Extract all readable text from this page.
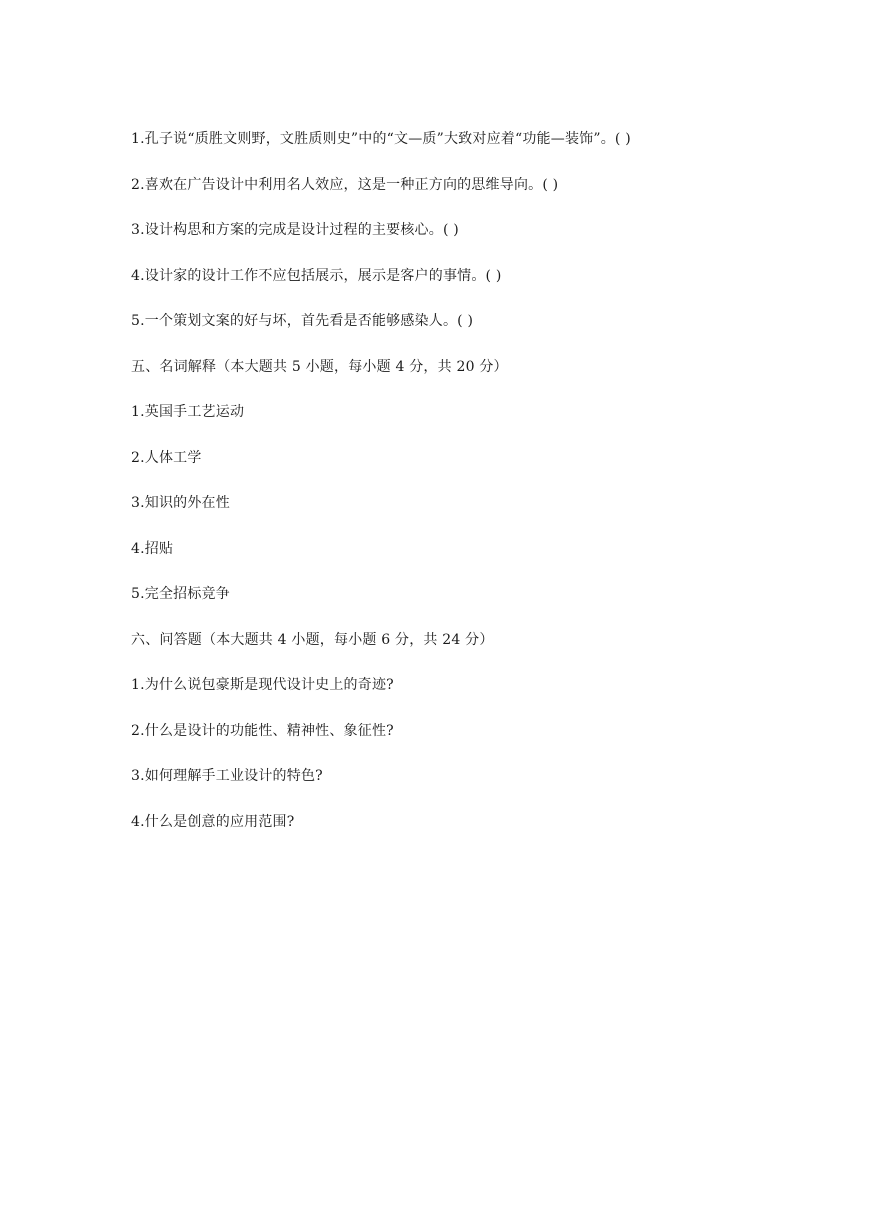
1.孔子说“质胜文则野，文胜质则史”中的“文—质”大致对应着“功能—装饰”。( )
2.喜欢在广告设计中利用名人效应，这是一种正方向的思维导向。( )
3.设计构思和方案的完成是设计过程的主要核心。( )
4.设计家的设计工作不应包括展示，展示是客户的事情。( )
5.一个策划文案的好与坏，首先看是否能够感染人。( )
五、名词解释（本大题共 5 小题，每小题 4 分，共 20 分）
1.英国手工艺运动
2.人体工学
3.知识的外在性
4.招贴
5.完全招标竞争
六、问答题（本大题共 4 小题，每小题 6 分，共 24 分）
1.为什么说包豪斯是现代设计史上的奇迹?
2.什么是设计的功能性、精神性、象征性?
3.如何理解手工业设计的特色?
4.什么是创意的应用范围?
